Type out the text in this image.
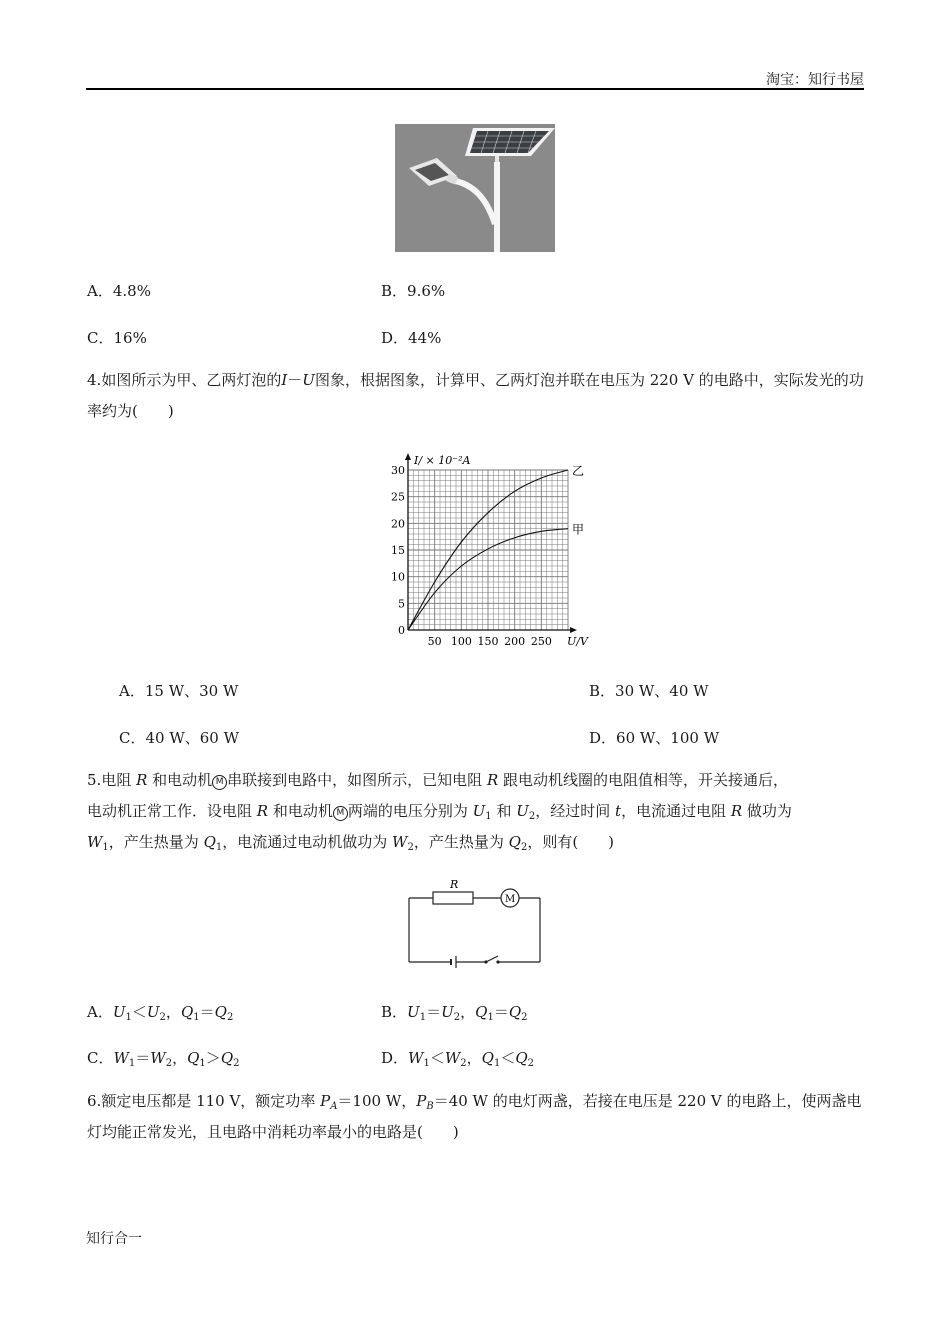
淘宝：知行书屋
A．4.8%	B．9.6%
C．16%	D．44%
4.如图所示为甲、乙两灯泡的I－U图象，根据图象，计算甲、乙两灯泡并联在电压为 220 V 的电路中，实际发光的功率约为(　　)
乙
甲
0
5
10
15
20
25
30
50 100 150 200 250
I/ × 10⁻²A
U/V
A．15 W、30 W	B．30 W、40 W
C．40 W、60 W	D．60 W、100 W
5.电阻 R 和电动机 M 串联接到电路中，如图所示，已知电阻 R 跟电动机线圈的电阻值相等，开关接通后，
电动机正常工作．设电阻 R 和电动机 M 两端的电压分别为 $U_1$ 和 $U_2$，经过时间 t，电流通过电阻 R 做功为
$W_1$，产生热量为 $Q_1$，电流通过电动机做功为 $W_2$，产生热量为 $Q_2$，则有(　　)
R
M
A．$U_1<U_2$，$Q_1=Q_2$	B．$U_1=U_2$，$Q_1=Q_2$
C．$W_1=W_2$，$Q_1>Q_2$	D．$W_1<W_2$，$Q_1<Q_2$
6.额定电压都是 110 V，额定功率 $P_A=100$ W，$P_B=40$ W 的电灯两盏，若接在电压是 220 V 的电路上，使两盏电灯均能正常发光，且电路中消耗功率最小的电路是(　　)
知行合一
